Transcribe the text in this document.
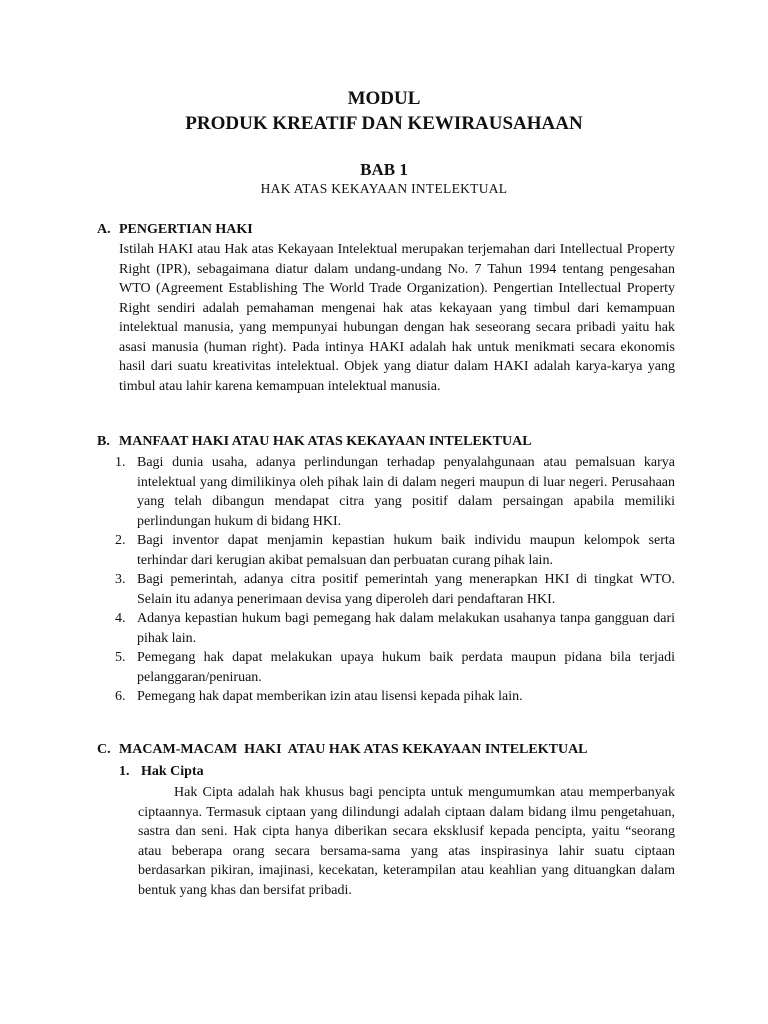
MODUL
PRODUK KREATIF DAN KEWIRAUSAHAAN
BAB 1
HAK ATAS KEKAYAAN INTELEKTUAL
A. PENGERTIAN HAKI
Istilah HAKI atau Hak atas Kekayaan Intelektual merupakan terjemahan dari Intellectual Property Right (IPR), sebagaimana diatur dalam undang-undang No. 7 Tahun 1994 tentang pengesahan WTO (Agreement Establishing The World Trade Organization). Pengertian Intellectual Property Right sendiri adalah pemahaman mengenai hak atas kekayaan yang timbul dari kemampuan intelektual manusia, yang mempunyai hubungan dengan hak seseorang secara pribadi yaitu hak asasi manusia (human right). Pada intinya HAKI adalah hak untuk menikmati secara ekonomis hasil dari suatu kreativitas intelektual. Objek yang diatur dalam HAKI adalah karya-karya yang timbul atau lahir karena kemampuan intelektual manusia.
B. MANFAAT HAKI ATAU HAK ATAS KEKAYAAN INTELEKTUAL
1. Bagi dunia usaha, adanya perlindungan terhadap penyalahgunaan atau pemalsuan karya intelektual yang dimilikinya oleh pihak lain di dalam negeri maupun di luar negeri. Perusahaan yang telah dibangun mendapat citra yang positif dalam persaingan apabila memiliki perlindungan hukum di bidang HKI.
2. Bagi inventor dapat menjamin kepastian hukum baik individu maupun kelompok serta terhindar dari kerugian akibat pemalsuan dan perbuatan curang pihak lain.
3. Bagi pemerintah, adanya citra positif pemerintah yang menerapkan HKI di tingkat WTO. Selain itu adanya penerimaan devisa yang diperoleh dari pendaftaran HKI.
4. Adanya kepastian hukum bagi pemegang hak dalam melakukan usahanya tanpa gangguan dari pihak lain.
5. Pemegang hak dapat melakukan upaya hukum baik perdata maupun pidana bila terjadi pelanggaran/peniruan.
6. Pemegang hak dapat memberikan izin atau lisensi kepada pihak lain.
C. MACAM-MACAM  HAKI  ATAU HAK ATAS KEKAYAAN INTELEKTUAL
1. Hak Cipta
Hak Cipta adalah hak khusus bagi pencipta untuk mengumumkan atau memperbanyak ciptaannya. Termasuk ciptaan yang dilindungi adalah ciptaan dalam bidang ilmu pengetahuan, sastra dan seni. Hak cipta hanya diberikan secara eksklusif kepada pencipta, yaitu “seorang atau beberapa orang secara bersama-sama yang atas inspirasinya lahir suatu ciptaan berdasarkan pikiran, imajinasi, kecekatan, keterampilan atau keahlian yang dituangkan dalam bentuk yang khas dan bersifat pribadi.
